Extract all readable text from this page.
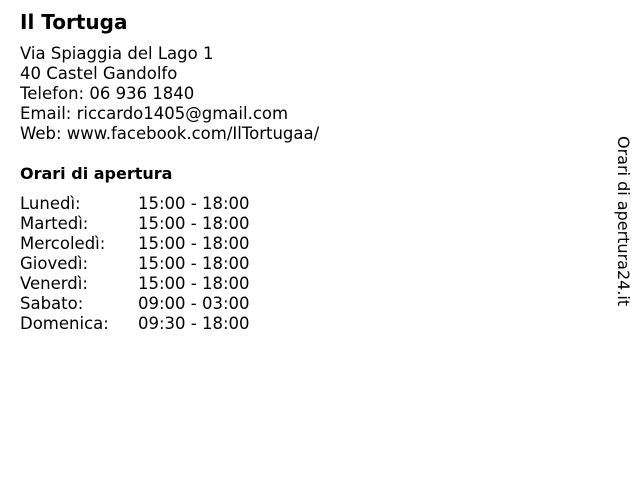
Il Tortuga
Via Spiaggia del Lago 1
40 Castel Gandolfo
Telefon: 06 936 1840
Email: riccardo1405@gmail.com
Web: www.facebook.com/IlTortugaa/
Orari di apertura
Lunedì:	15:00 - 18:00
Martedì:	15:00 - 18:00
Mercoledì:	15:00 - 18:00
Giovedì:	15:00 - 18:00
Venerdì:	15:00 - 18:00
Sabato:	09:00 - 03:00
Domenica:	09:30 - 18:00
Orari di apertura24.it
